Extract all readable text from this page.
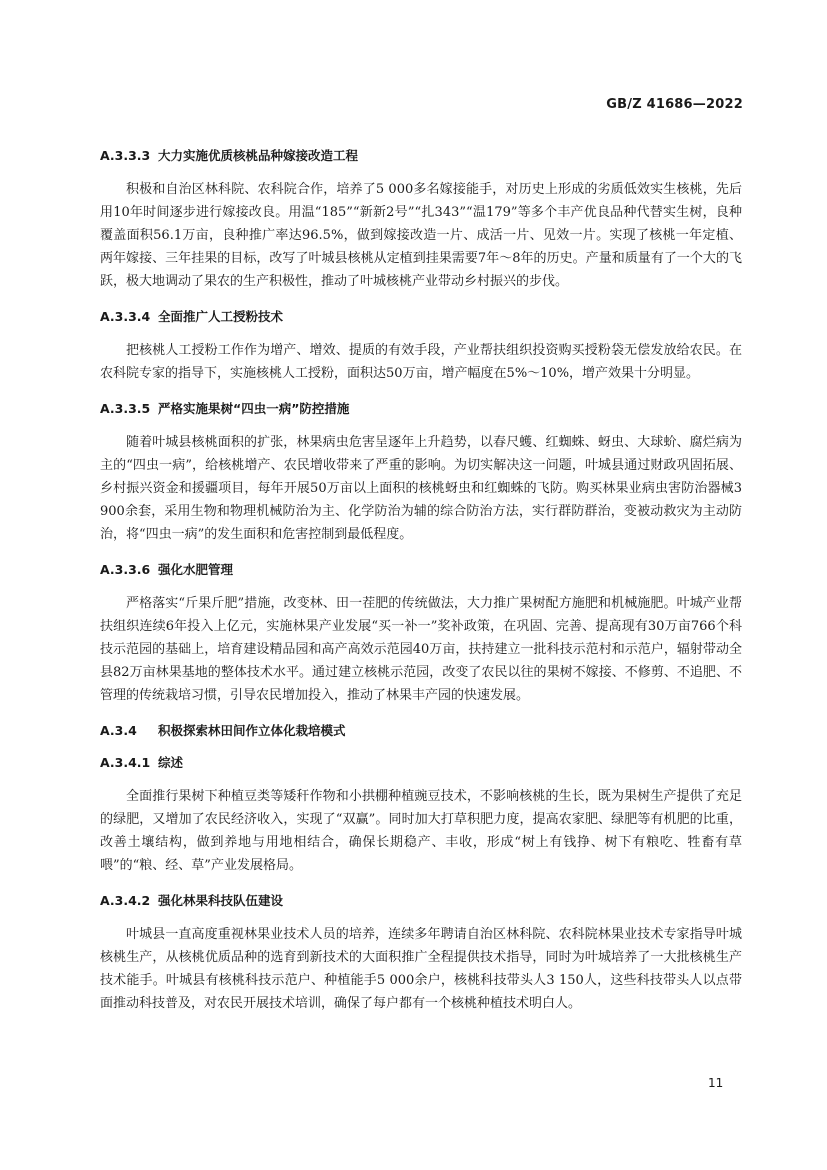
GB/Z 41686—2022
A.3.3.3 大力实施优质核桃品种嫁接改造工程

积极和自治区林科院、农科院合作，培养了5 000多名嫁接能手，对历史上形成的劣质低效实生核桃，先后用10年时间逐步进行嫁接改良。用温“185”“新新2号”“扎343”“温179”等多个丰产优良品种代替实生树，良种覆盖面积56.1万亩，良种推广率达96.5%，做到嫁接改造一片、成活一片、见效一片。实现了核桃一年定植、两年嫁接、三年挂果的目标，改写了叶城县核桃从定植到挂果需要7年～8年的历史。产量和质量有了一个大的飞跃，极大地调动了果农的生产积极性，推动了叶城核桃产业带动乡村振兴的步伐。

A.3.3.4 全面推广人工授粉技术

把核桃人工授粉工作作为增产、增效、提质的有效手段，产业帮扶组织投资购买授粉袋无偿发放给农民。在农科院专家的指导下，实施核桃人工授粉，面积达50万亩，增产幅度在5%～10%，增产效果十分明显。

A.3.3.5 严格实施果树“四虫一病”防控措施

随着叶城县核桃面积的扩张，林果病虫危害呈逐年上升趋势，以春尺蠖、红蜘蛛、蚜虫、大球蚧、腐烂病为主的“四虫一病”，给核桃增产、农民增收带来了严重的影响。为切实解决这一问题，叶城县通过财政巩固拓展、乡村振兴资金和援疆项目，每年开展50万亩以上面积的核桃蚜虫和红蜘蛛的飞防。购买林果业病虫害防治器械3 900余套，采用生物和物理机械防治为主、化学防治为辅的综合防治方法，实行群防群治，变被动救灾为主动防治，将“四虫一病”的发生面积和危害控制到最低程度。

A.3.3.6 强化水肥管理

严格落实“斤果斤肥”措施，改变林、田一茬肥的传统做法，大力推广果树配方施肥和机械施肥。叶城产业帮扶组织连续6年投入上亿元，实施林果产业发展“买一补一”奖补政策，在巩固、完善、提高现有30万亩766个科技示范园的基础上，培育建设精品园和高产高效示范园40万亩，扶持建立一批科技示范村和示范户，辐射带动全县82万亩林果基地的整体技术水平。通过建立核桃示范园，改变了农民以往的果树不嫁接、不修剪、不追肥、不管理的传统栽培习惯，引导农民增加投入，推动了林果丰产园的快速发展。

A.3.4 积极探索林田间作立体化栽培模式
A.3.4.1 综述

全面推行果树下种植豆类等矮秆作物和小拱棚种植豌豆技术，不影响核桃的生长，既为果树生产提供了充足的绿肥，又增加了农民经济收入，实现了“双赢”。同时加大打草积肥力度，提高农家肥、绿肥等有机肥的比重，改善土壤结构，做到养地与用地相结合，确保长期稳产、丰收，形成“树上有钱挣、树下有粮吃、牲畜有草喂”的“粮、经、草”产业发展格局。

A.3.4.2 强化林果科技队伍建设

叶城县一直高度重视林果业技术人员的培养，连续多年聘请自治区林科院、农科院林果业技术专家指导叶城核桃生产，从核桃优质品种的选育到新技术的大面积推广全程提供技术指导，同时为叶城培养了一大批核桃生产技术能手。叶城县有核桃科技示范户、种植能手5 000余户，核桃科技带头人3 150人，这些科技带头人以点带面推动科技普及，对农民开展技术培训，确保了每户都有一个核桃种植技术明白人。

11
